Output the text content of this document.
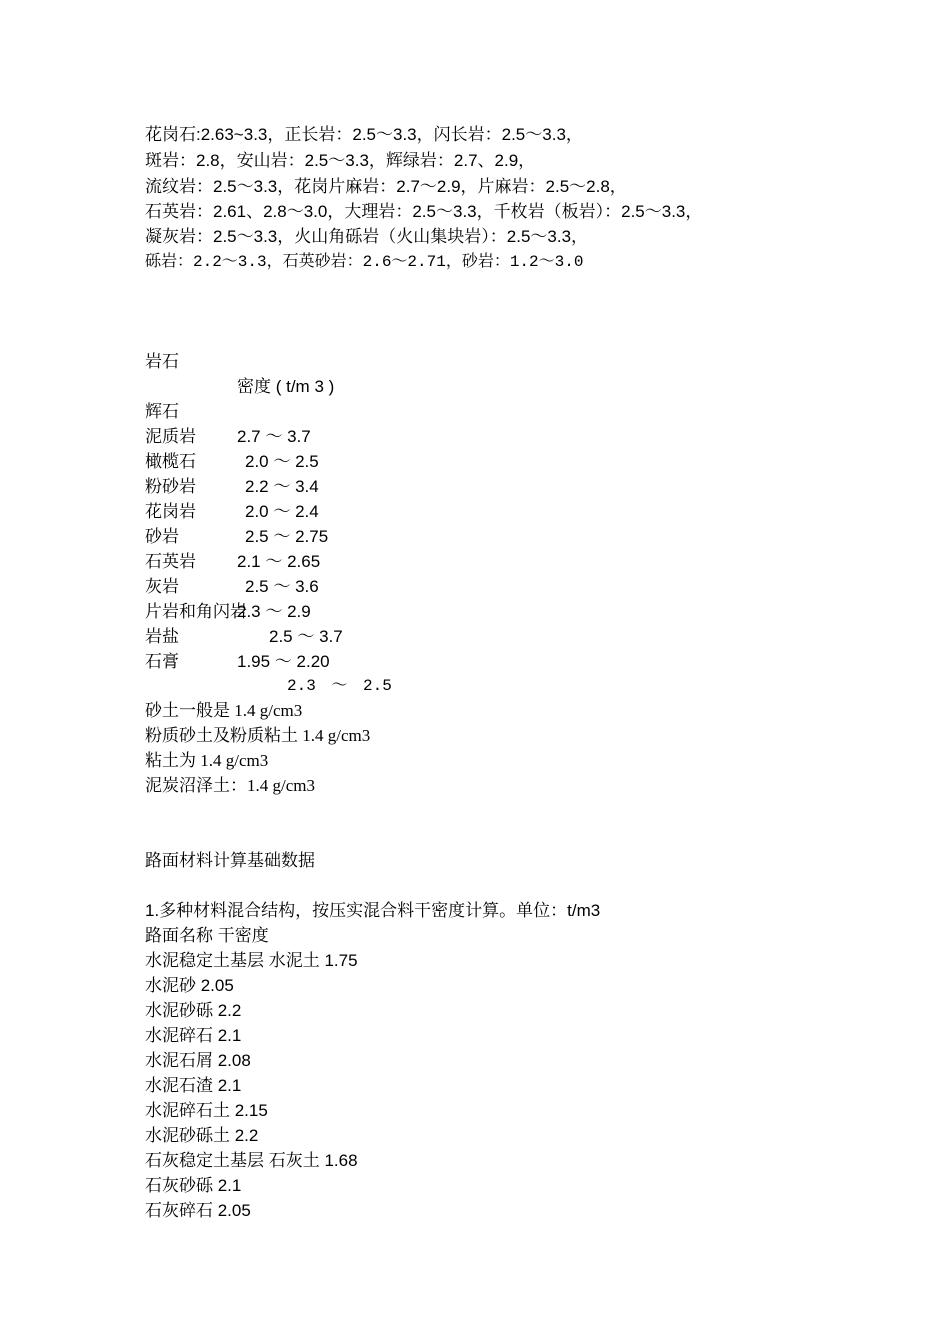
花岗石:2.63~3.3，正长岩：2.5～3.3，闪长岩：2.5～3.3，
斑岩：2.8，安山岩：2.5～3.3，辉绿岩：2.7、2.9，
流纹岩：2.5～3.3，花岗片麻岩：2.7～2.9，片麻岩：2.5～2.8，
石英岩：2.61、2.8～3.0，大理岩：2.5～3.3，千枚岩（板岩）：2.5～3.3，
凝灰岩：2.5～3.3，火山角砾岩（火山集块岩）：2.5～3.3，
砾岩：2.2～3.3，石英砂岩：2.6～2.71，砂岩：1.2～3.0

岩石

密度 ( t/m 3 )

辉石

2.7 ～ 3.7

泥质岩

2.0 ～ 2.5

橄榄石

2.2 ～ 3.4

粉砂岩

2.0 ～ 2.4

花岗岩

2.5 ～ 2.75

砂岩

2.1 ～ 2.65

石英岩

2.5 ～ 3.6

灰岩

2.3 ～ 2.9

片岩和角闪岩

2.5 ～ 3.7

岩盐

1.95 ～ 2.20

石膏

2.3 ～ 2.5

砂土一般是 1.4 g/cm3
粉质砂土及粉质粘土 1.4 g/cm3
粘土为 1.4 g/cm3
泥炭沼泽土：1.4 g/cm3
路面材料计算基础数据
1.多种材料混合结构，按压实混合料干密度计算。单位：t/m3
路面名称 干密度
水泥稳定土基层 水泥土 1.75
水泥砂 2.05
水泥砂砾 2.2
水泥碎石 2.1
水泥石屑 2.08
水泥石渣 2.1
水泥碎石土 2.15
水泥砂砾土 2.2
石灰稳定土基层 石灰土 1.68
石灰砂砾 2.1
石灰碎石 2.05
